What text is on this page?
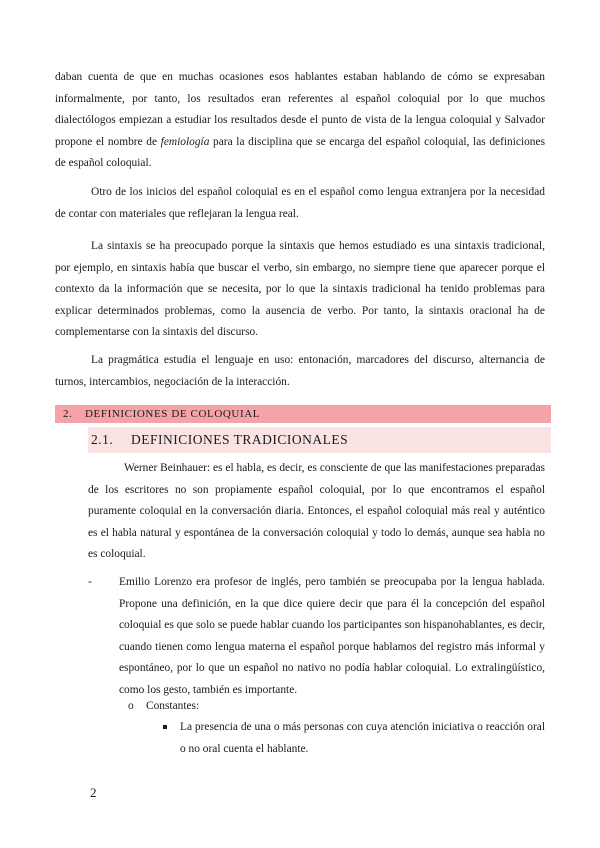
daban cuenta de que en muchas ocasiones esos hablantes estaban hablando de cómo se expresaban informalmente, por tanto, los resultados eran referentes al español coloquial por lo que muchos dialectólogos empiezan a estudiar los resultados desde el punto de vista de la lengua coloquial y Salvador propone el nombre de femiología para la disciplina que se encarga del español coloquial, las definiciones de español coloquial.
Otro de los inicios del español coloquial es en el español como lengua extranjera por la necesidad de contar con materiales que reflejaran la lengua real.
La sintaxis se ha preocupado porque la sintaxis que hemos estudiado es una sintaxis tradicional, por ejemplo, en sintaxis había que buscar el verbo, sin embargo, no siempre tiene que aparecer porque el contexto da la información que se necesita, por lo que la sintaxis tradicional ha tenido problemas para explicar determinados problemas, como la ausencia de verbo. Por tanto, la sintaxis oracional ha de complementarse con la sintaxis del discurso.
La pragmática estudia el lenguaje en uso: entonación, marcadores del discurso, alternancia de turnos, intercambios, negociación de la interacción.
2. DEFINICIONES DE COLOQUIAL
2.1. DEFINICIONES TRADICIONALES
Werner Beinhauer: es el habla, es decir, es consciente de que las manifestaciones preparadas de los escritores no son propiamente español coloquial, por lo que encontramos el español puramente coloquial en la conversación diaria. Entonces, el español coloquial más real y auténtico es el habla natural y espontánea de la conversación coloquial y todo lo demás, aunque sea habla no es coloquial.
- Emilio Lorenzo era profesor de inglés, pero también se preocupaba por la lengua hablada. Propone una definición, en la que dice quiere decir que para él la concepción del español coloquial es que solo se puede hablar cuando los participantes son hispanohablantes, es decir, cuando tienen como lengua materna el español porque hablamos del registro más informal y espontáneo, por lo que un español no nativo no podía hablar coloquial. Lo extralingüístico, como los gesto, también es importante.
o Constantes:
La presencia de una o más personas con cuya atención iniciativa o reacción oral o no oral cuenta el hablante.
2
